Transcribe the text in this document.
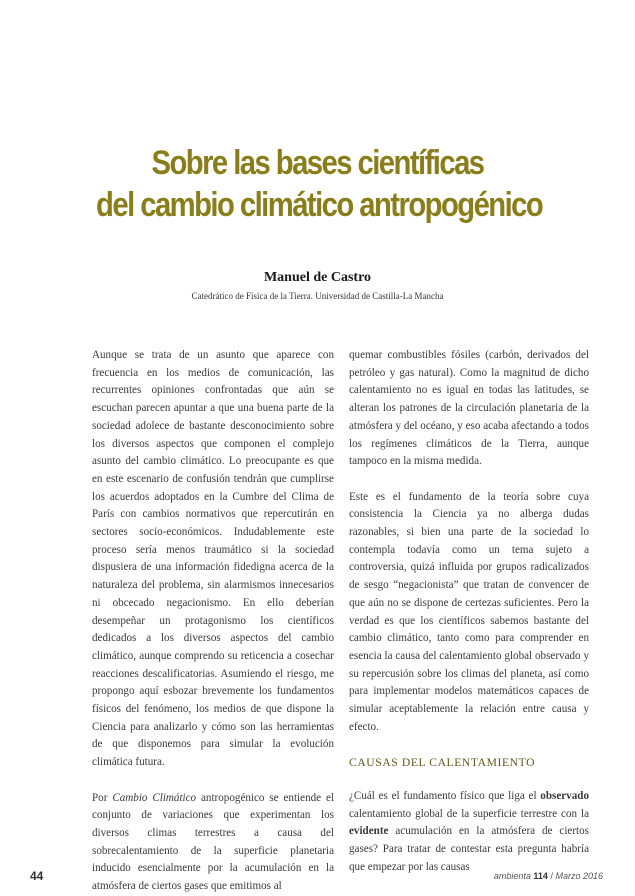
Sobre las bases científicas
del cambio climático antropogénico
Manuel de Castro
Catedrático de Física de la Tierra. Universidad de Castilla-La Mancha

Aunque se trata de un asunto que aparece con frecuencia en los medios de comunicación, las recurrentes opiniones confrontadas que aún se escuchan parecen apuntar a que una buena parte de la sociedad adolece de bastante desconocimiento sobre los diversos aspectos que componen el complejo asunto del cambio climático. Lo preocupante es que en este escenario de confusión tendrán que cumplirse los acuerdos adoptados en la Cumbre del Clima de París con cambios normativos que repercutirán en sectores socio-económicos. Indudablemente este proceso sería menos traumático si la sociedad dispusiera de una información fidedigna acerca de la naturaleza del problema, sin alarmismos innecesarios ni obcecado negacionismo. En ello deberían desempeñar un protagonismo los científicos dedicados a los diversos aspectos del cambio climático, aunque comprendo su reticencia a cosechar reacciones descalificatorias. Asumiendo el riesgo, me propongo aquí esbozar brevemente los fundamentos físicos del fenómeno, los medios de que dispone la Ciencia para analizarlo y cómo son las herramientas de que disponemos para simular la evolución climática futura.

Por Cambio Climático antropogénico se entiende el conjunto de variaciones que experimentan los diversos climas terrestres a causa del sobrecalentamiento de la superficie planetaria inducido esencialmente por la acumulación en la atmósfera de ciertos gases que emitimos al

quemar combustibles fósiles (carbón, derivados del petróleo y gas natural). Como la magnitud de dicho calentamiento no es igual en todas las latitudes, se alteran los patrones de la circulación planetaria de la atmósfera y del océano, y eso acaba afectando a todos los regímenes climáticos de la Tierra, aunque tampoco en la misma medida.

Este es el fundamento de la teoría sobre cuya consistencia la Ciencia ya no alberga dudas razonables, si bien una parte de la sociedad lo contempla todavía como un tema sujeto a controversia, quizá influida por grupos radicalizados de sesgo “negacionista” que tratan de convencer de que aún no se dispone de certezas suficientes. Pero la verdad es que los científicos sabemos bastante del cambio climático, tanto como para comprender en esencia la causa del calentamiento global observado y su repercusión sobre los climas del planeta, así como para implementar modelos matemáticos capaces de simular aceptablemente la relación entre causa y efecto.

CAUSAS DEL CALENTAMIENTO

¿Cuál es el fundamento físico que liga el observado calentamiento global de la superficie terrestre con la evidente acumulación en la atmósfera de ciertos gases? Para tratar de contestar esta pregunta habría que empezar por las causas

44	ambienta 114 / Marzo 2016
